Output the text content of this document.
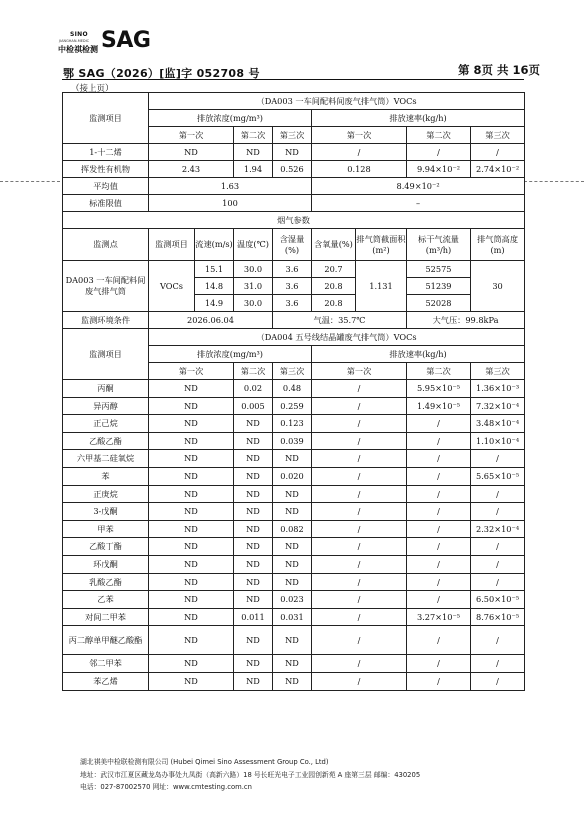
SINO
JIANGHAN-MEDIC
中检祺检测 SAG
鄂 SAG（2026）[监]字 052708 号	第 8页 共 16页
（接上页）
监测项目	（DA003 一车间配料间废气排气筒）VOCs							
	排放浓度(mg/m³)				排放速率(kg/h)			
	第一次		第二次	第三次	第一次		第二次	第三次
1-十二烯	ND		ND	ND	/		/	/
挥发性有机物	2.43		1.94	0.526	0.128		9.94×10⁻²	2.74×10⁻²
平均值	1.63				8.49×10⁻²			
标准限值	100				–			
烟气参数								
监测点	监测项目	流速(m/s)	温度(℃)	含湿量(%)	含氧量(%)	排气筒截面积(m²)	标干气流量(m³/h)	排气筒高度(m)
DA003 一车间配料间废气排气筒	VOCs	15.1	30.0	3.6	20.7	1.131	52575	30
		14.8	31.0	3.6	20.8		51239	
		14.9	30.0	3.6	20.8		52028	
监测环境条件	2026.06.04			气温：35.7℃			大气压：99.8kPa	
监测项目	（DA004 五号线结晶罐废气排气筒）VOCs							
	排放浓度(mg/m³)				排放速率(kg/h)			
	第一次		第二次	第三次	第一次		第二次	第三次
丙酮	ND		0.02	0.48	/		5.95×10⁻⁵	1.36×10⁻³
异丙醇	ND		0.005	0.259	/		1.49×10⁻⁵	7.32×10⁻⁴
正己烷	ND		ND	0.123	/		/	3.48×10⁻⁴
乙酸乙酯	ND		ND	0.039	/		/	1.10×10⁻⁴
六甲基二硅氧烷	ND		ND	ND	/		/	/
苯	ND		ND	0.020	/		/	5.65×10⁻⁵
正庚烷	ND		ND	ND	/		/	/
3-戊酮	ND		ND	ND	/		/	/
甲苯	ND		ND	0.082	/		/	2.32×10⁻⁴
乙酸丁酯	ND		ND	ND	/		/	/
环戊酮	ND		ND	ND	/		/	/
乳酸乙酯	ND		ND	ND	/		/	/
乙苯	ND		ND	0.023	/		/	6.50×10⁻⁵
对间二甲苯	ND		0.011	0.031	/		3.27×10⁻⁵	8.76×10⁻⁵
丙二醇单甲醚乙酸酯	ND		ND	ND	/		/	/
邻二甲苯	ND		ND	ND	/		/	/
苯乙烯	ND		ND	ND	/		/	/
湖北祺美中检联检测有限公司 (Hubei Qimei Sino Assessment Group Co., Ltd)
地址：武汉市江夏区藏龙岛办事处九凤街（高新六路）18 号长旺光电子工业园创新苑 A 座第三层 邮编：430205
电话：027-87002570 网址：www.cmtesting.com.cn
